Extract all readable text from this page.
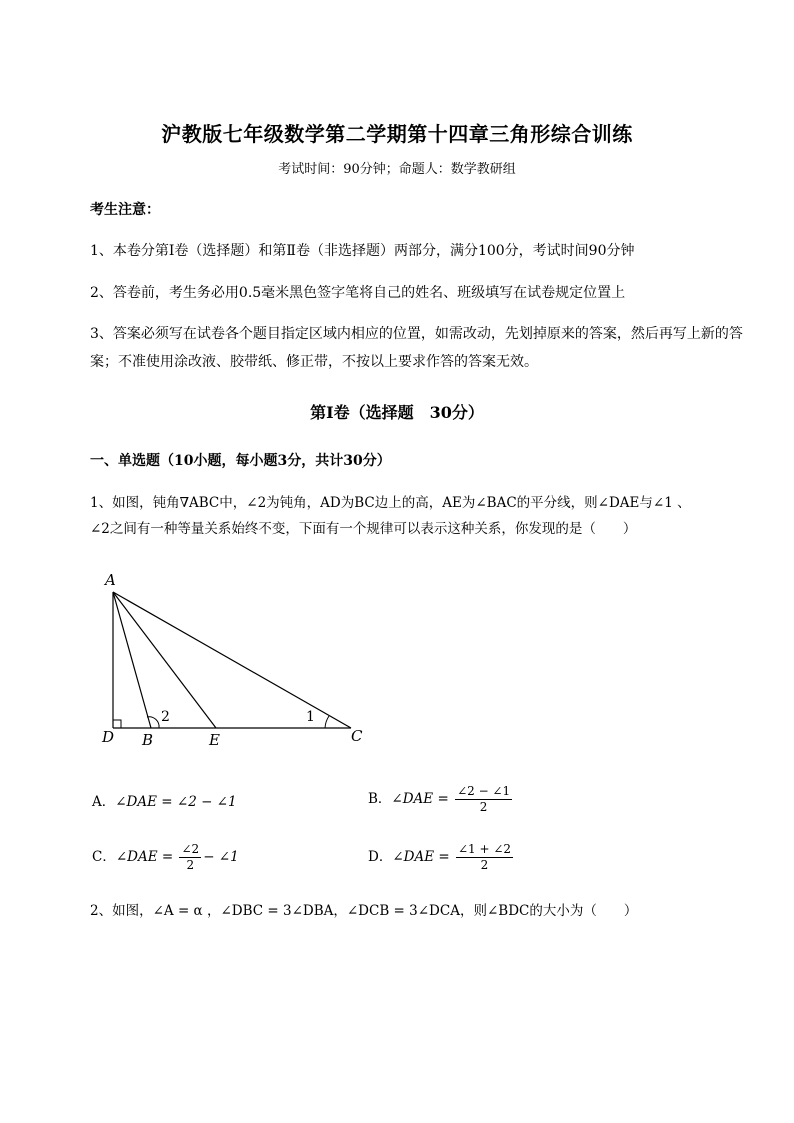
沪教版七年级数学第二学期第十四章三角形综合训练
考试时间：90分钟；命题人：数学教研组
考生注意：
1、本卷分第Ⅰ卷（选择题）和第Ⅱ卷（非选择题）两部分，满分100分，考试时间90分钟
2、答卷前，考生务必用0.5毫米黑色签字笔将自己的姓名、班级填写在试卷规定位置上
3、答案必须写在试卷各个题目指定区域内相应的位置，如需改动，先划掉原来的答案，然后再写上新的答案；不准使用涂改液、胶带纸、修正带，不按以上要求作答的答案无效。
第Ⅰ卷（选择题　30分）
一、单选题（10小题，每小题3分，共计30分）
1、如图，钝角∇ABC中，∠2为钝角，AD为BC边上的高，AE为∠BAC的平分线，则∠DAE与∠1 、
∠2之间有一种等量关系始终不变，下面有一个规律可以表示这种关系，你发现的是（　　）
A
D B	E	C
2	1
A．∠DAE = ∠2 − ∠1	B．∠DAE = $\frac{\angle 2 - \angle 1}{2}$
C．∠DAE = $\frac{\angle 2}{2}$ − ∠1	D．∠DAE = $\frac{\angle 1 + \angle 2}{2}$
2、如图，∠A = α ，∠DBC = 3∠DBA，∠DCB = 3∠DCA，则∠BDC的大小为（　　）
